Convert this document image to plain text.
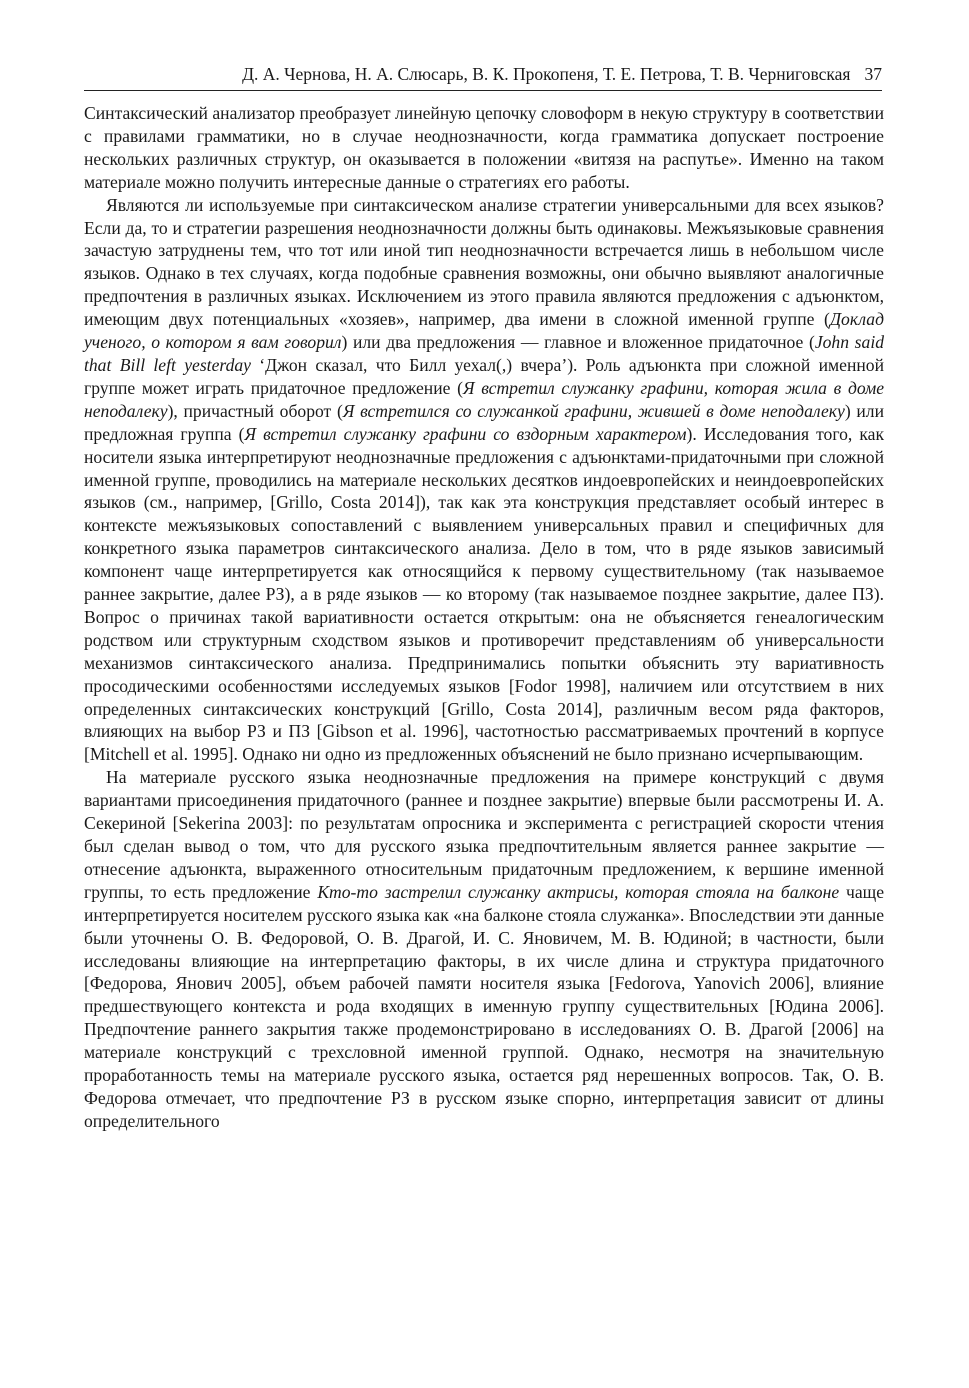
Д. А. Чернова, Н. А. Слюсарь, В. К. Прокопеня, Т. Е. Петрова, Т. В. Черниговская 37

Синтаксический анализатор преобразует линейную цепочку словоформ в некую структуру в соответствии с правилами грамматики, но в случае неоднозначности, когда грамматика допускает построение нескольких различных структур, он оказывается в положении «витязя на распутье». Именно на таком материале можно получить интересные данные о стратегиях его работы.

Являются ли используемые при синтаксическом анализе стратегии универсальными для всех языков? Если да, то и стратегии разрешения неоднозначности должны быть одинаковы. Межъязыковые сравнения зачастую затруднены тем, что тот или иной тип неоднозначности встречается лишь в небольшом числе языков. Однако в тех случаях, когда подобные сравнения возможны, они обычно выявляют аналогичные предпочтения в различных языках. Исключением из этого правила являются предложения с адъюнктом, имеющим двух потенциальных «хозяев», например, два имени в сложной именной группе (Доклад ученого, о котором я вам говорил) или два предложения — главное и вложенное придаточное (John said that Bill left yesterday ‘Джон сказал, что Билл уехал(,) вчера’). Роль адъюнкта при сложной именной группе может играть придаточное предложение (Я встретил служанку графини, которая жила в доме неподалеку), причастный оборот (Я встретился со служанкой графини, жившей в доме неподалеку) или предложная группа (Я встретил служанку графини со вздорным характером). Исследования того, как носители языка интерпретируют неоднозначные предложения с адъюнктами-придаточными при сложной именной группе, проводились на материале нескольких десятков индоевропейских и неиндоевропейских языков (см., например, [Grillo, Costa 2014]), так как эта конструкция представляет особый интерес в контексте межъязыковых сопоставлений с выявлением универсальных правил и специфичных для конкретного языка параметров синтаксического анализа. Дело в том, что в ряде языков зависимый компонент чаще интерпретируется как относящийся к первому существительному (так называемое раннее закрытие, далее РЗ), а в ряде языков — ко второму (так называемое позднее закрытие, далее ПЗ). Вопрос о причинах такой вариативности остается открытым: она не объясняется генеалогическим родством или структурным сходством языков и противоречит представлениям об универсальности механизмов синтаксического анализа. Предпринимались попытки объяснить эту вариативность просодическими особенностями исследуемых языков [Fodor 1998], наличием или отсутствием в них определенных синтаксических конструкций [Grillo, Costa 2014], различным весом ряда факторов, влияющих на выбор РЗ и ПЗ [Gibson et al. 1996], частотностью рассматриваемых прочтений в корпусе [Mitchell et al. 1995]. Однако ни одно из предложенных объяснений не было признано исчерпывающим.

На материале русского языка неоднозначные предложения на примере конструкций с двумя вариантами присоединения придаточного (раннее и позднее закрытие) впервые были рассмотрены И. А. Секериной [Sekerina 2003]: по результатам опросника и эксперимента с регистрацией скорости чтения был сделан вывод о том, что для русского языка предпочтительным является раннее закрытие — отнесение адъюнкта, выраженного относительным придаточным предложением, к вершине именной группы, то есть предложение Кто-то застрелил служанку актрисы, которая стояла на балконе чаще интерпретируется носителем русского языка как «на балконе стояла служанка». Впоследствии эти данные были уточнены О. В. Федоровой, О. В. Драгой, И. С. Яновичем, М. В. Юдиной; в частности, были исследованы влияющие на интерпретацию факторы, в их числе длина и структура придаточного [Федорова, Янович 2005], объем рабочей памяти носителя языка [Fedorova, Yanovich 2006], влияние предшествующего контекста и рода входящих в именную группу существительных [Юдина 2006]. Предпочтение раннего закрытия также продемонстрировано в исследованиях О. В. Драгой [2006] на материале конструкций с трехсловной именной группой. Однако, несмотря на значительную проработанность темы на материале русского языка, остается ряд нерешенных вопросов. Так, О. В. Федорова отмечает, что предпочтение РЗ в русском языке спорно, интерпретация зависит от длины определительного
